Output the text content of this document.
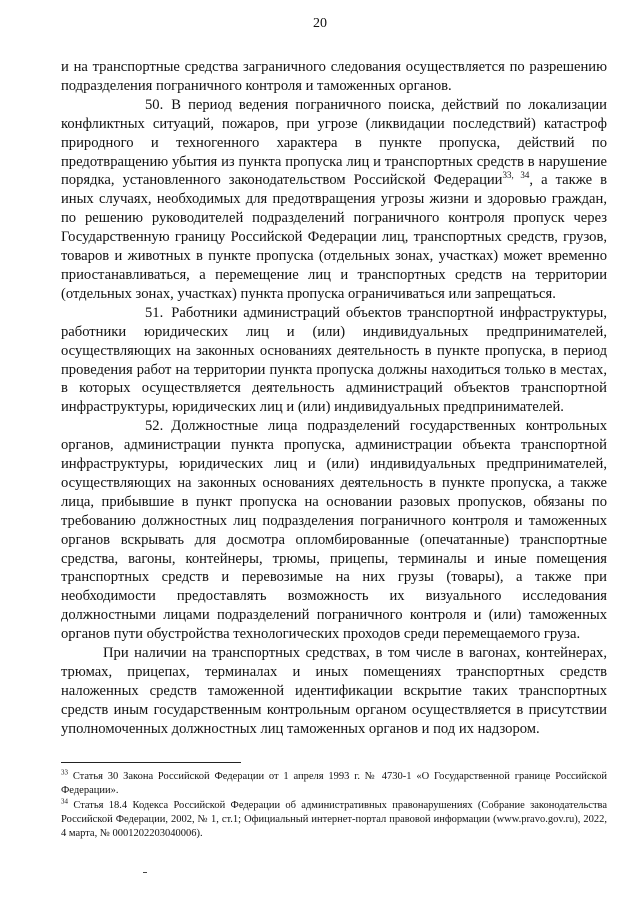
20

и на транспортные средства заграничного следования осуществляется по разрешению подразделения пограничного контроля и таможенных органов.

50. В период ведения пограничного поиска, действий по локализации конфликтных ситуаций, пожаров, при угрозе (ликвидации последствий) катастроф природного и техногенного характера в пункте пропуска, действий по предотвращению убытия из пункта пропуска лиц и транспортных средств в нарушение порядка, установленного законодательством Российской Федерации$^{33, 34}$, а также в иных случаях, необходимых для предотвращения угрозы жизни и здоровью граждан, по решению руководителей подразделений пограничного контроля пропуск через Государственную границу Российской Федерации лиц, транспортных средств, грузов, товаров и животных в пункте пропуска (отдельных зонах, участках) может временно приостанавливаться, а перемещение лиц и транспортных средств на территории (отдельных зонах, участках) пункта пропуска ограничиваться или запрещаться.

51. Работники администраций объектов транспортной инфраструктуры, работники юридических лиц и (или) индивидуальных предпринимателей, осуществляющих на законных основаниях деятельность в пункте пропуска, в период проведения работ на территории пункта пропуска должны находиться только в местах, в которых осуществляется деятельность администраций объектов транспортной инфраструктуры, юридических лиц и (или) индивидуальных предпринимателей.

52. Должностные лица подразделений государственных контрольных органов, администрации пункта пропуска, администрации объекта транспортной инфраструктуры, юридических лиц и (или) индивидуальных предпринимателей, осуществляющих на законных основаниях деятельность в пункте пропуска, а также лица, прибывшие в пункт пропуска на основании разовых пропусков, обязаны по требованию должностных лиц подразделения пограничного контроля и таможенных органов вскрывать для досмотра опломбированные (опечатанные) транспортные средства, вагоны, контейнеры, трюмы, прицепы, терминалы и иные помещения транспортных средств и перевозимые на них грузы (товары), а также при необходимости предоставлять возможность их визуального исследования должностными лицами подразделений пограничного контроля и (или) таможенных органов пути обустройства технологических проходов среди перемещаемого груза.

При наличии на транспортных средствах, в том числе в вагонах, контейнерах, трюмах, прицепах, терминалах и иных помещениях транспортных средств наложенных средств таможенной идентификации вскрытие таких транспортных средств иным государственным контрольным органом осуществляется в присутствии уполномоченных должностных лиц таможенных органов и под их надзором.

$^{33}$ Статья 30 Закона Российской Федерации от 1 апреля 1993 г. № 4730-1 «О Государственной границе Российской Федерации».

$^{34}$ Статья 18.4 Кодекса Российской Федерации об административных правонарушениях (Собрание законодательства Российской Федерации, 2002, № 1, ст.1; Официальный интернет-портал правовой информации (www.pravo.gov.ru), 2022, 4 марта, № 0001202203040006).
